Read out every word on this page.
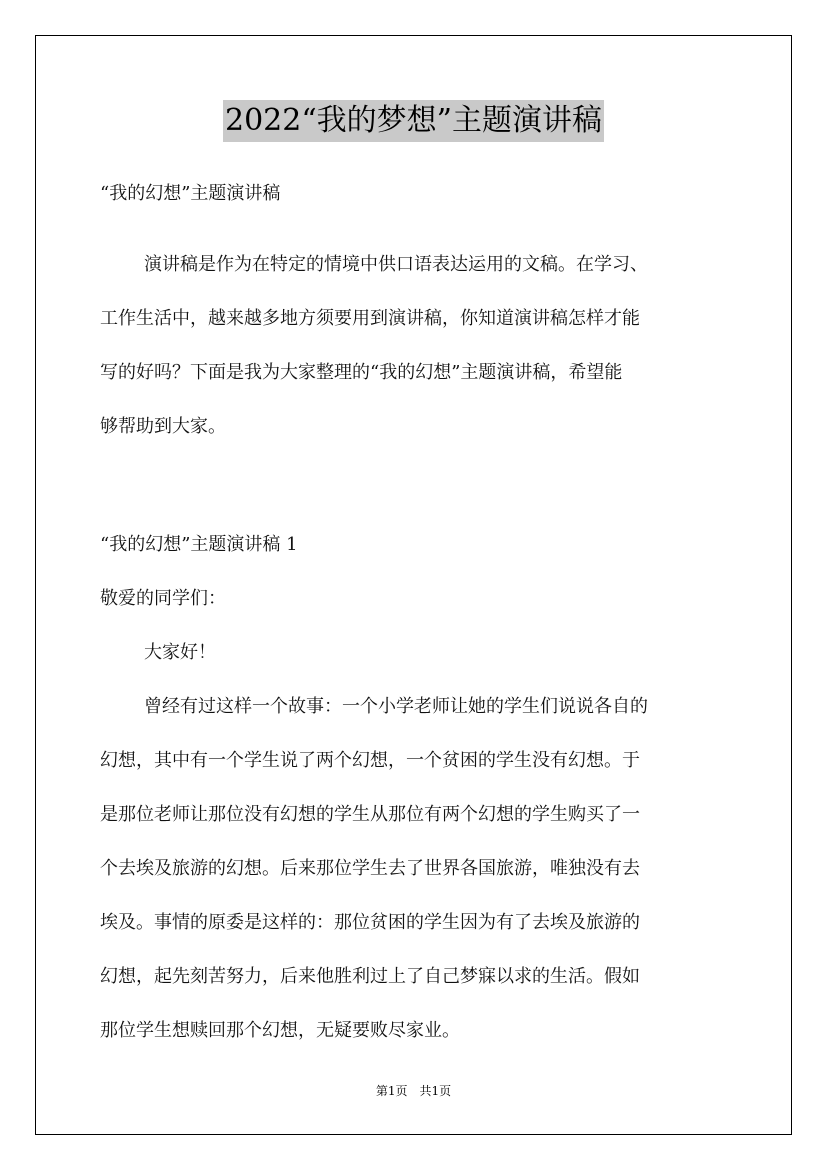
2022“我的梦想”主题演讲稿
“我的幻想”主题演讲稿
演讲稿是作为在特定的情境中供口语表达运用的文稿。在学习、
工作生活中，越来越多地方须要用到演讲稿，你知道演讲稿怎样才能
写的好吗？下面是我为大家整理的“我的幻想”主题演讲稿，希望能
够帮助到大家。
“我的幻想”主题演讲稿 1
敬爱的同学们：
大家好！
曾经有过这样一个故事：一个小学老师让她的学生们说说各自的
幻想，其中有一个学生说了两个幻想，一个贫困的学生没有幻想。于
是那位老师让那位没有幻想的学生从那位有两个幻想的学生购买了一
个去埃及旅游的幻想。后来那位学生去了世界各国旅游，唯独没有去
埃及。事情的原委是这样的：那位贫困的学生因为有了去埃及旅游的
幻想，起先刻苦努力，后来他胜利过上了自己梦寐以求的生活。假如
那位学生想赎回那个幻想，无疑要败尽家业。
第1页　共1页
